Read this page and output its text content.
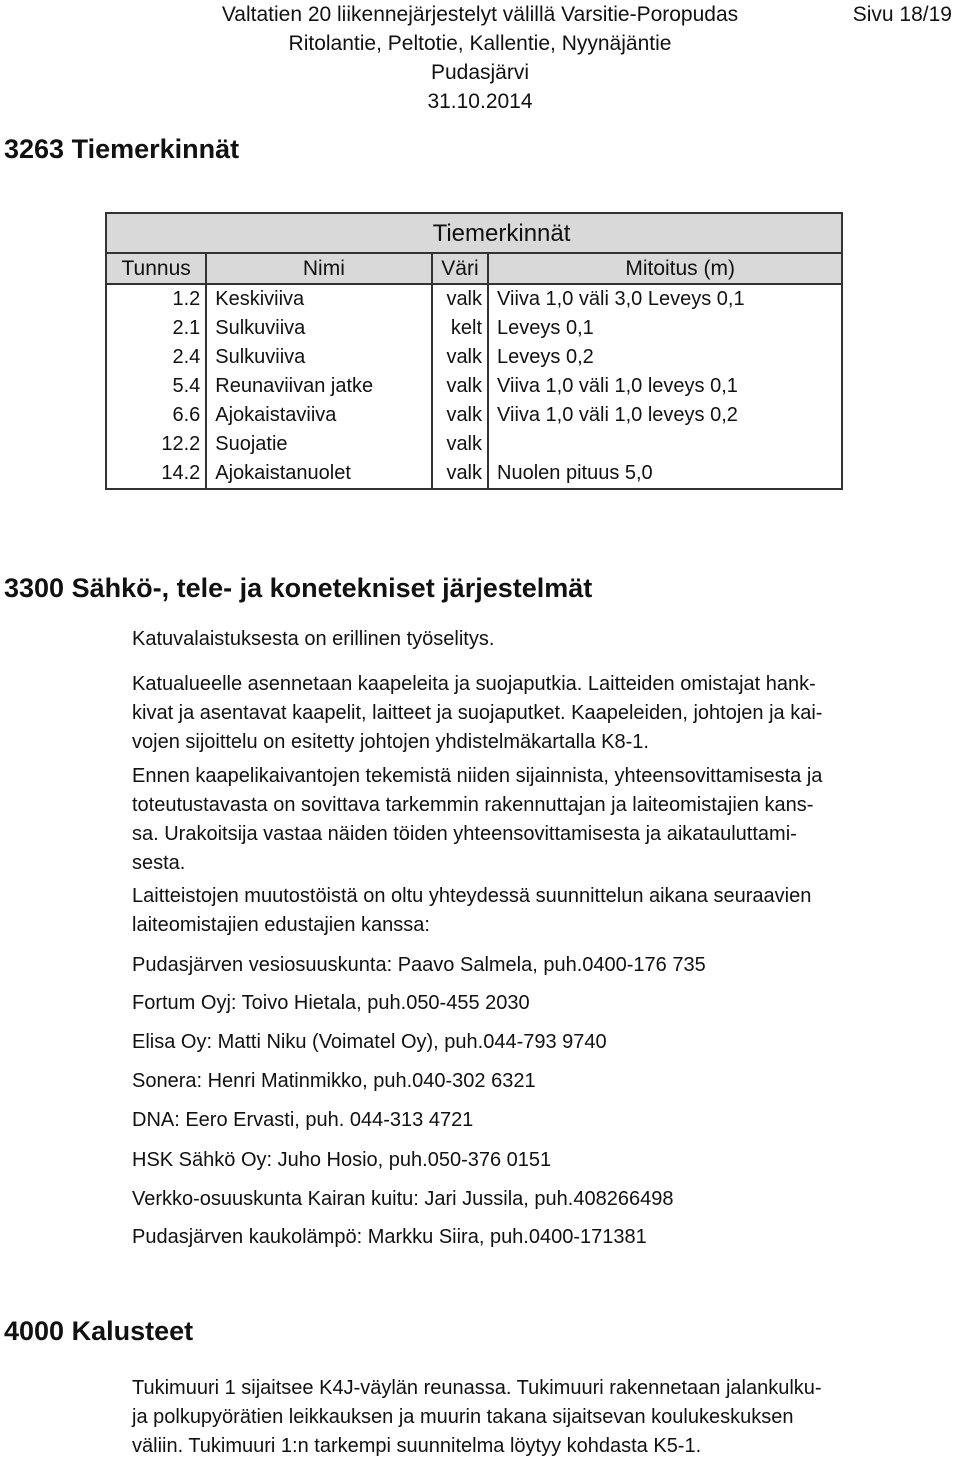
Valtatien 20 liikennejärjestelyt välillä Varsitie-Poropudas
Ritolantie, Peltotie, Kallentie, Nyynäjäntie
Pudasjärvi
31.10.2014
Sivu 18/19
3263 Tiemerkinnät
Tiemerkinnät			
Tunnus	Nimi	Väri	Mitoitus (m)
1.2	Keskiviiva	valk	Viiva 1,0 väli 3,0 Leveys 0,1
2.1	Sulkuviiva	kelt	Leveys 0,1
2.4	Sulkuviiva	valk	Leveys 0,2
5.4	Reunaviivan jatke	valk	Viiva 1,0 väli 1,0 leveys 0,1
6.6	Ajokaistaviiva	valk	Viiva 1,0 väli 1,0 leveys 0,2
12.2	Suojatie	valk	
14.2	Ajokaistanuolet	valk	Nuolen pituus 5,0
3300 Sähkö-, tele- ja konetekniset järjestelmät

Katuvalaistuksesta on erillinen työselitys.

Katualueelle asennetaan kaapeleita ja suojaputkia. Laitteiden omistajat hank-
kivat ja asentavat kaapelit, laitteet ja suojaputket. Kaapeleiden, johtojen ja kai-
vojen sijoittelu on esitetty johtojen yhdistelmäkartalla K8-1.
Ennen kaapelikaivantojen tekemistä niiden sijainnista, yhteensovittamisesta ja
toteutustavasta on sovittava tarkemmin rakennuttajan ja laiteomistajien kans-
sa. Urakoitsija vastaa näiden töiden yhteensovittamisesta ja aikatauluttami-
sesta.
Laitteistojen muutostöistä on oltu yhteydessä suunnittelun aikana seuraavien
laiteomistajien edustajien kanssa:

Pudasjärven vesiosuuskunta: Paavo Salmela, puh.0400-176 735

Fortum Oyj: Toivo Hietala, puh.050-455 2030

Elisa Oy: Matti Niku (Voimatel Oy), puh.044-793 9740

Sonera: Henri Matinmikko, puh.040-302 6321

DNA: Eero Ervasti, puh. 044-313 4721

HSK Sähkö Oy: Juho Hosio, puh.050-376 0151

Verkko-osuuskunta Kairan kuitu: Jari Jussila, puh.408266498

Pudasjärven kaukolämpö: Markku Siira, puh.0400-171381

4000 Kalusteet
Tukimuuri 1 sijaitsee K4J-väylän reunassa. Tukimuuri rakennetaan jalankulku-
ja polkupyörätien leikkauksen ja muurin takana sijaitsevan koulukeskuksen
väliin. Tukimuuri 1:n tarkempi suunnitelma löytyy kohdasta K5-1.
